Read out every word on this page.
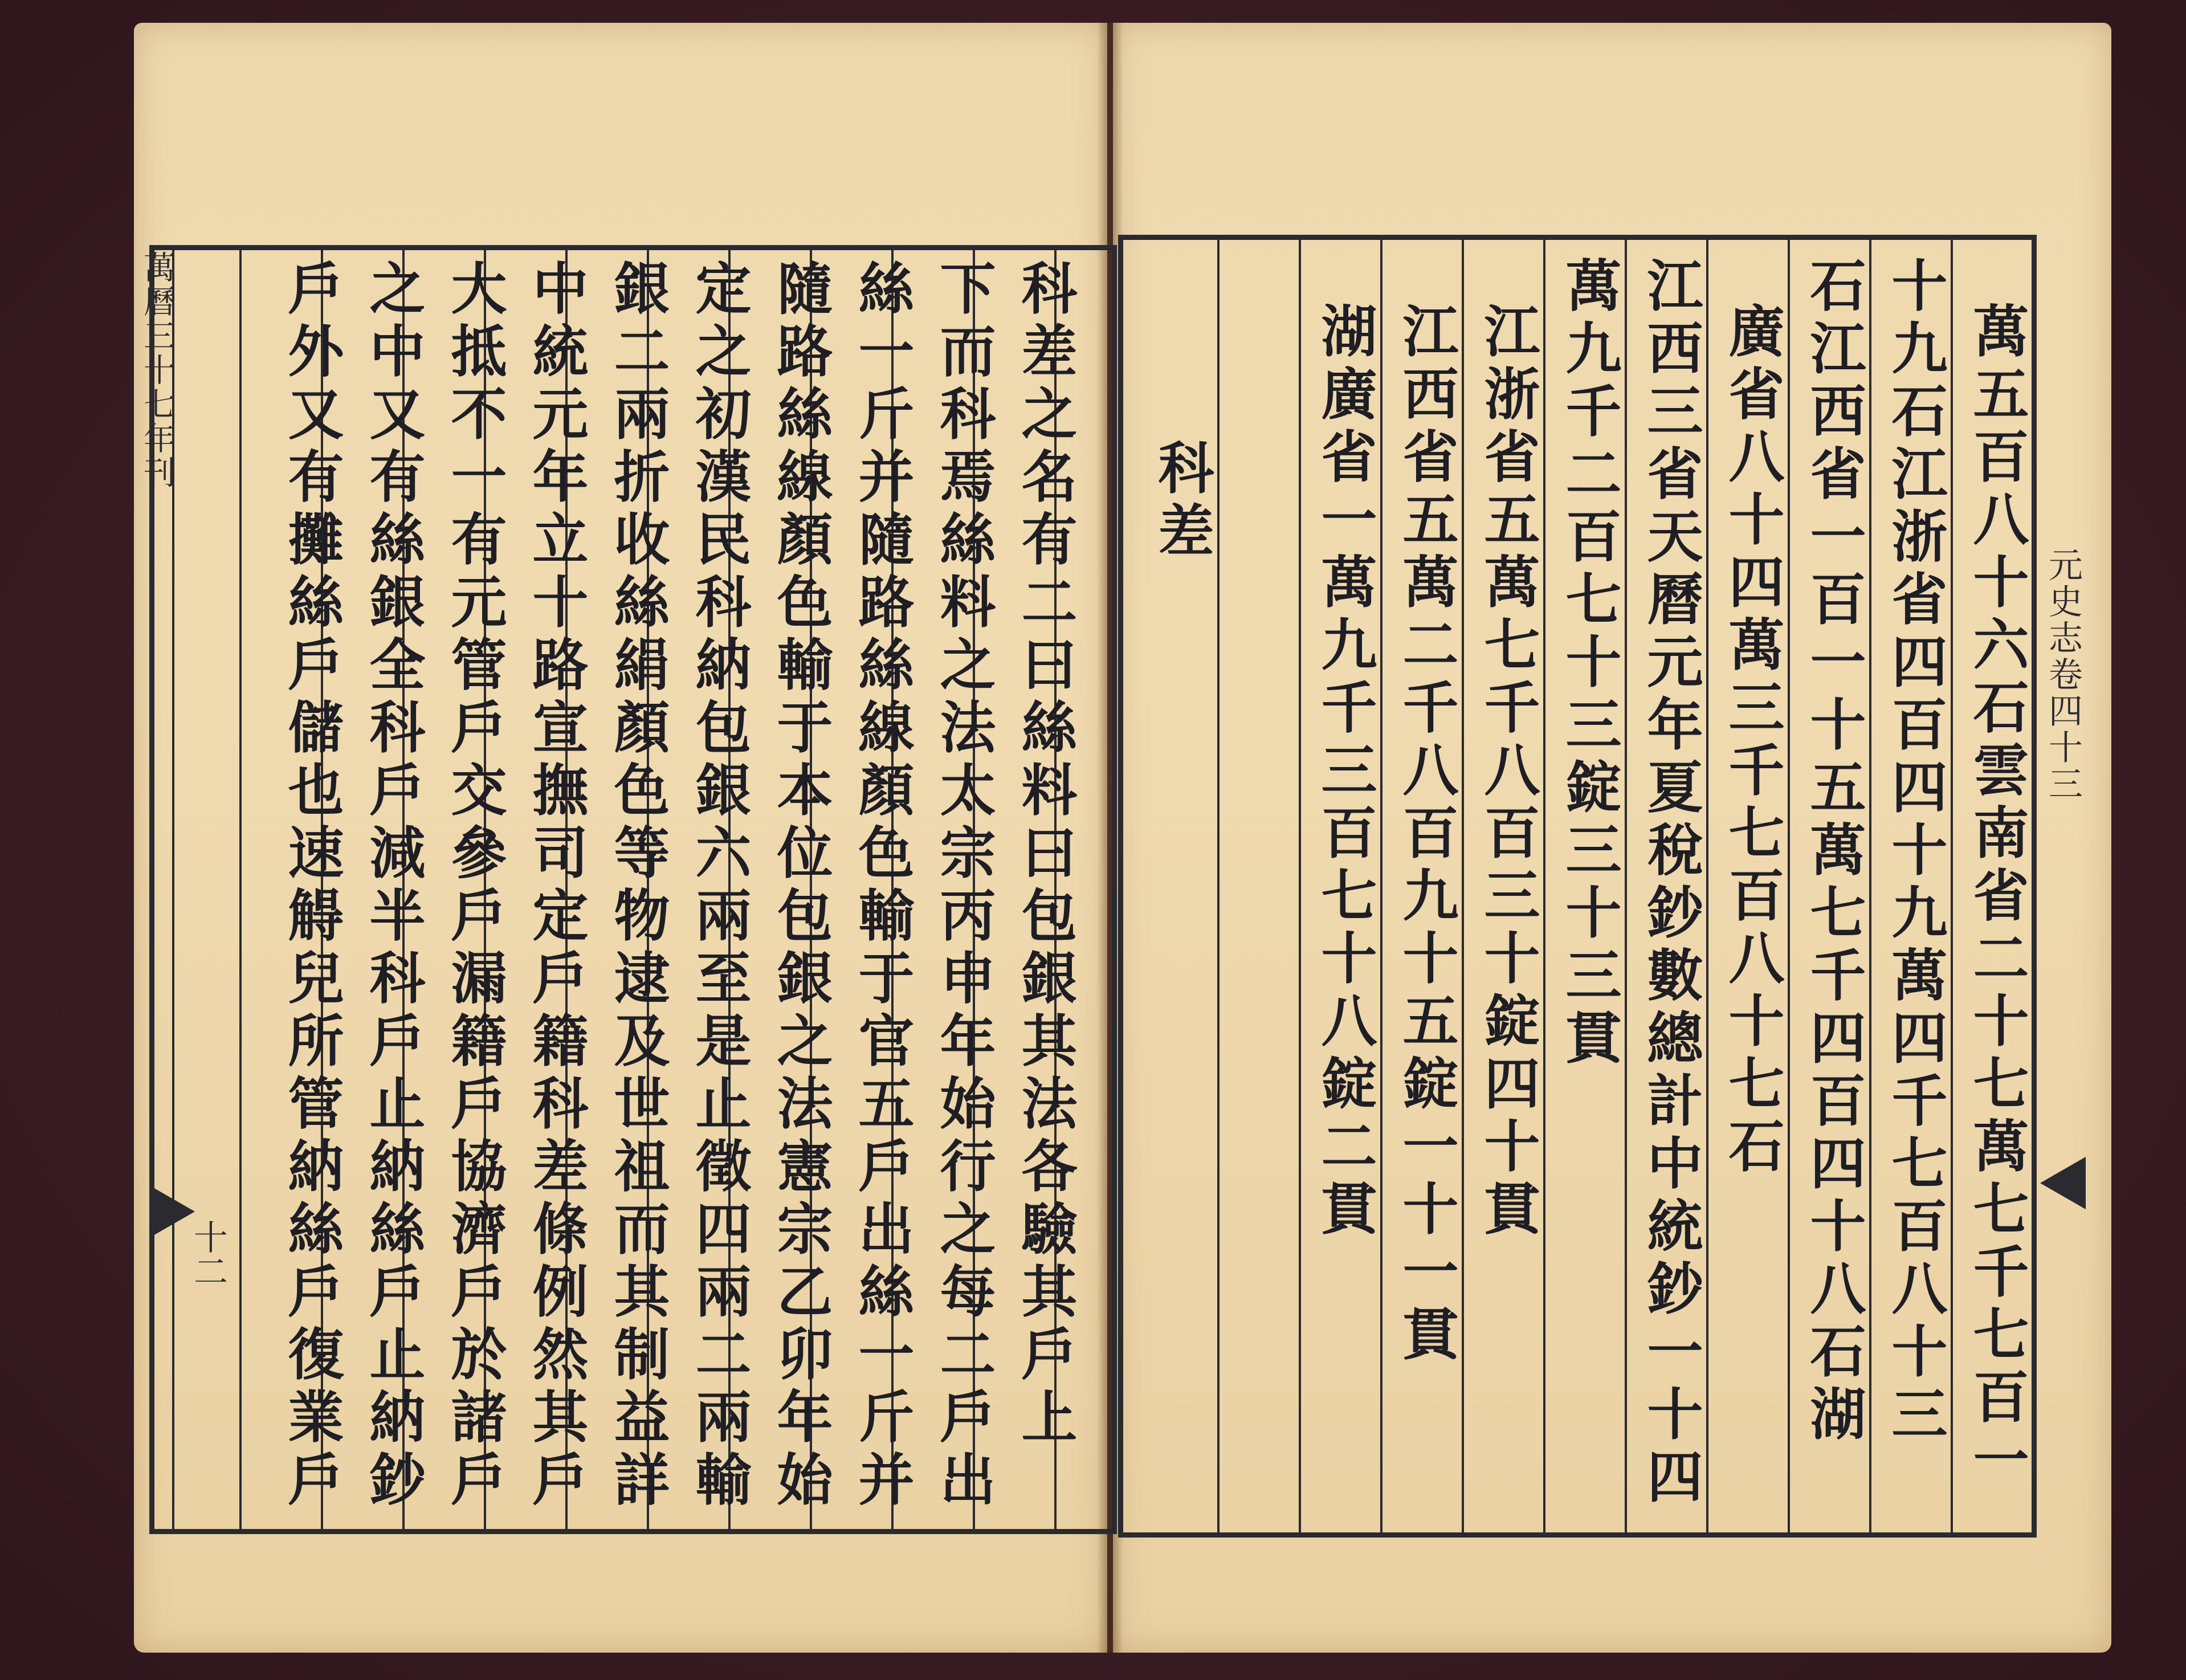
萬曆三十七年刊	科差之名有二曰絲料曰包銀其法各驗其戶上
下而科焉絲料之法太宗丙申年始行之每二戶出
絲一斤并隨路絲線顏色輸于官五戶出絲一斤并
隨路絲線顏色輸于本位包銀之法憲宗乙卯年始
定之初漢民科納包銀六兩至是止徵四兩二兩輸
銀二兩折收絲絹顏色等物逮及世祖而其制益詳
中統元年立十路宣撫司定戶籍科差條例然其戶
大抵不一有元管戶交參戶漏籍戶協濟戶於諸戶
之中又有絲銀全科戶減半科戶止納絲戶止納鈔
戶外又有攤絲戶儲也速䚟兒所管納絲戶復業戶
十二	萬五百八十六石雲南省二十七萬七千七百一
十九石江浙省四百四十九萬四千七百八十三
石江西省一百一十五萬七千四百四十八石湖
廣省八十四萬三千七百八十七石
江西三省天曆元年夏稅鈔數總計中統鈔一十四
萬九千二百七十三錠三十三貫
江浙省五萬七千八百三十錠四十貫
江西省五萬二千八百九十五錠一十一貫
湖廣省一萬九千三百七十八錠二貫
科差
元史志卷四十三
